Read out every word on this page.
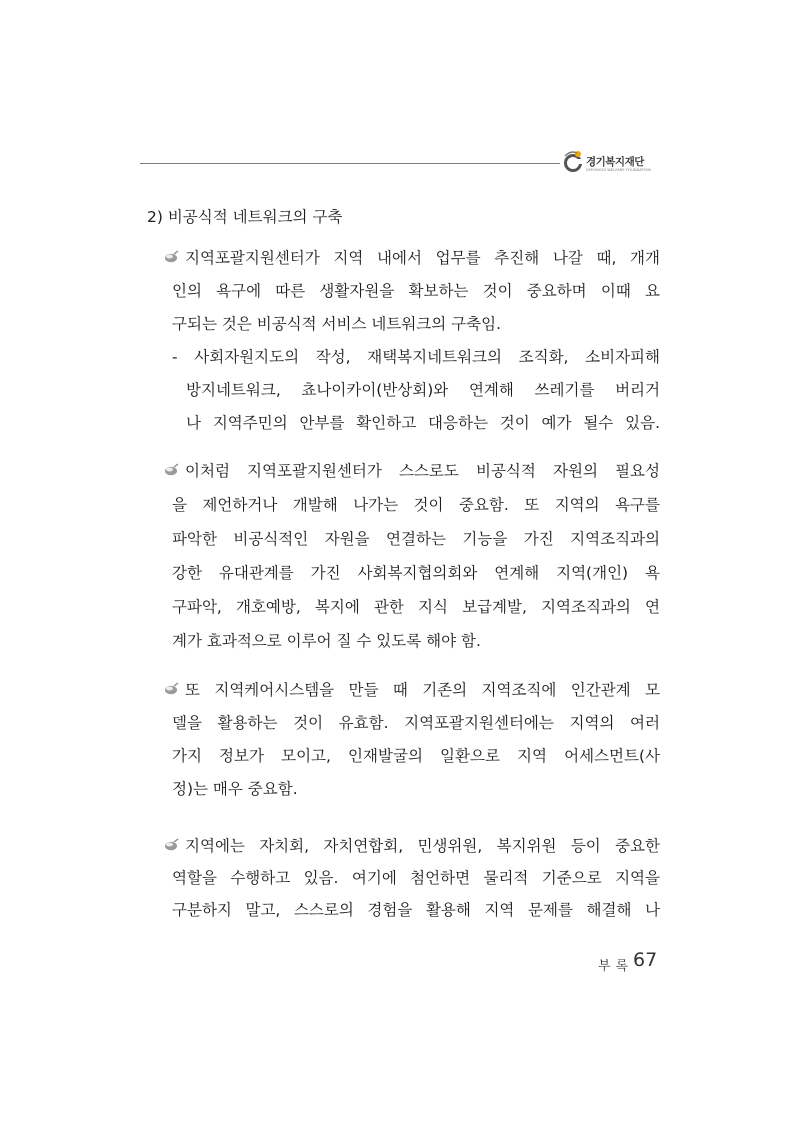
경기복지재단
GYEONGGI WELFARE FOUNDATION
2) 비공식적 네트워크의 구축
지역포괄지원센터가 지역 내에서 업무를 추진해 나갈 때, 개개
인의 욕구에 따른 생활자원을 확보하는 것이 중요하며 이때 요
구되는 것은 비공식적 서비스 네트워크의 구축임.
- 사회자원지도의 작성, 재택복지네트워크의 조직화, 소비자피해
방지네트워크, 쵸나이카이(반상회)와 연계해 쓰레기를 버리거
나 지역주민의 안부를 확인하고 대응하는 것이 예가 될수 있음.
이처럼 지역포괄지원센터가 스스로도 비공식적 자원의 필요성
을 제언하거나 개발해 나가는 것이 중요함. 또 지역의 욕구를
파악한 비공식적인 자원을 연결하는 기능을 가진 지역조직과의
강한 유대관계를 가진 사회복지협의회와 연계해 지역(개인) 욕
구파악, 개호예방, 복지에 관한 지식 보급계발, 지역조직과의 연
계가 효과적으로 이루어 질 수 있도록 해야 함.
또 지역케어시스템을 만들 때 기존의 지역조직에 인간관계 모
델을 활용하는 것이 유효함. 지역포괄지원센터에는 지역의 여러
가지 정보가 모이고, 인재발굴의 일환으로 지역 어세스먼트(사
정)는 매우 중요함.
지역에는 자치회, 자치연합회, 민생위원, 복지위원 등이 중요한
역할을 수행하고 있음. 여기에 첨언하면 물리적 기준으로 지역을
구분하지 말고, 스스로의 경험을 활용해 지역 문제를 해결해 나
부록 67
